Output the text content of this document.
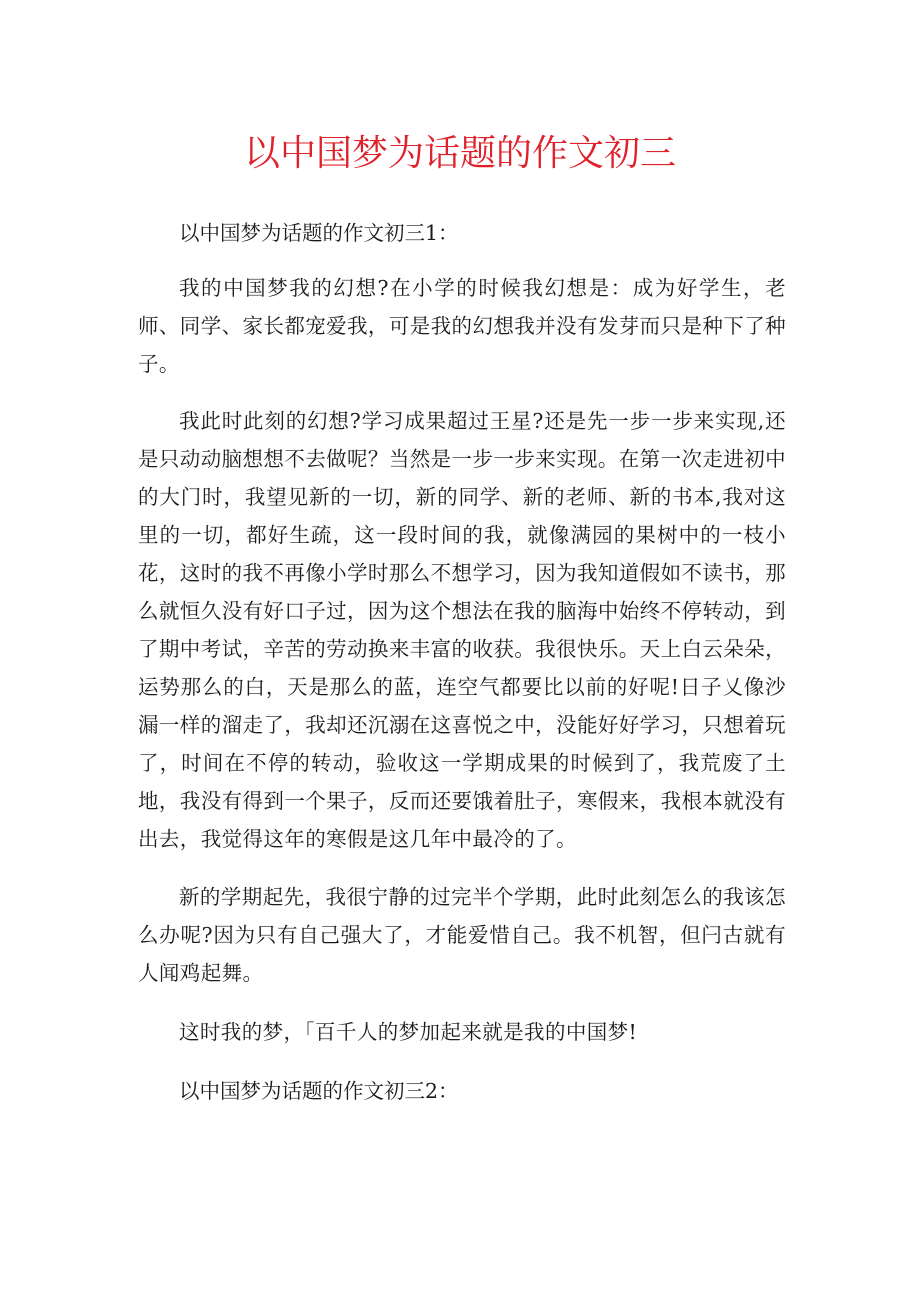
以中国梦为话题的作文初三

以中国梦为话题的作文初三1：

我的中国梦我的幻想?在小学的时候我幻想是：成为好学生，老师、同学、家长都宠爱我，可是我的幻想我并没有发芽而只是种下了种子。

我此时此刻的幻想?学习成果超过王星?还是先一步一步来实现,还是只动动脑想想不去做呢？当然是一步一步来实现。在第一次走进初中的大门时，我望见新的一切，新的同学、新的老师、新的书本,我对这里的一切，都好生疏，这一段时间的我，就像满园的果树中的一枝小花，这时的我不再像小学时那么不想学习，因为我知道假如不读书，那么就恒久没有好口子过，因为这个想法在我的脑海中始终不停转动，到了期中考试，辛苦的劳动换来丰富的收获。我很快乐。天上白云朵朵，运势那么的白，天是那么的蓝，连空气都要比以前的好呢!日子乂像沙漏一样的溜走了，我却还沉溺在这喜悦之中，没能好好学习，只想着玩了，时间在不停的转动，验收这一学期成果的时候到了，我荒废了土地，我没有得到一个果子，反而还要饿着肚子，寒假来，我根本就没有出去，我觉得这年的寒假是这几年中最冷的了。

新的学期起先，我很宁静的过完半个学期，此时此刻怎么的我该怎么办呢?因为只有自己强大了，才能爱惜自己。我不机智，但闩古就有人闻鸡起舞。

这时我的梦，「百千人的梦加起来就是我的中国梦!

以中国梦为话题的作文初三2：
